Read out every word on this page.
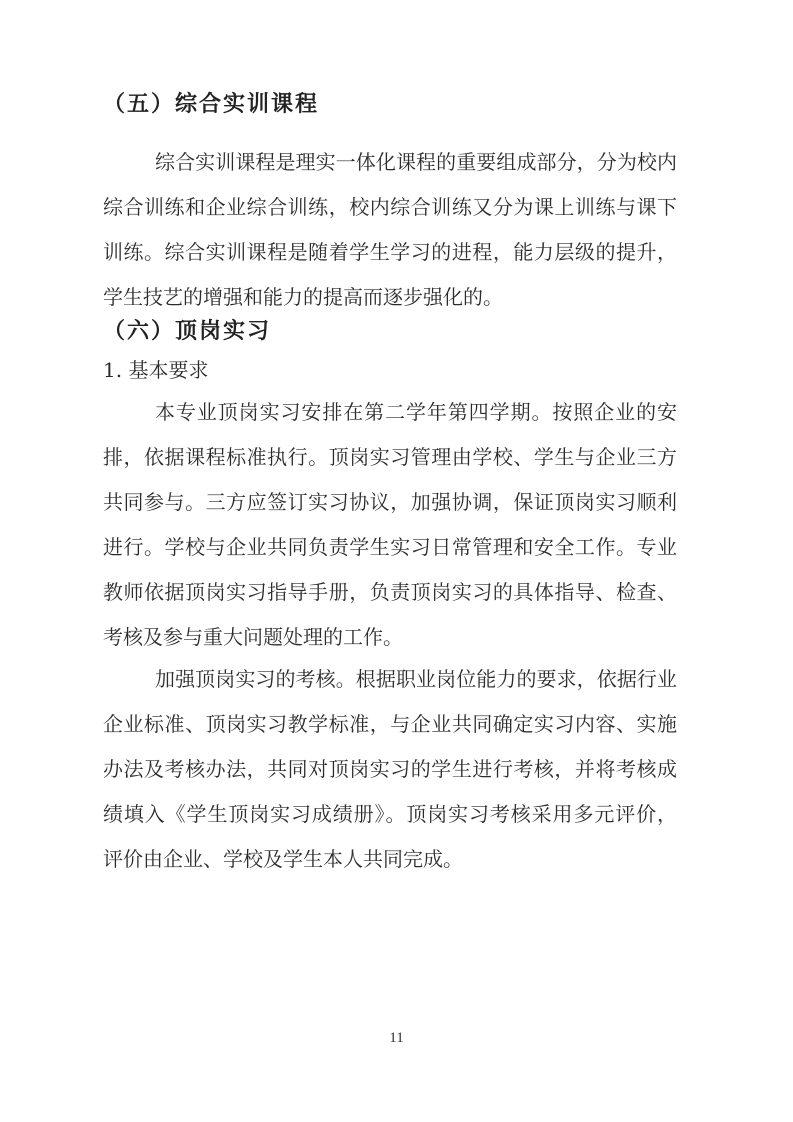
（五）综合实训课程
综合实训课程是理实一体化课程的重要组成部分，分为校内
综合训练和企业综合训练，校内综合训练又分为课上训练与课下
训练。综合实训课程是随着学生学习的进程，能力层级的提升，
学生技艺的增强和能力的提高而逐步强化的。
（六）顶岗实习
1. 基本要求
本专业顶岗实习安排在第二学年第四学期。按照企业的安
排，依据课程标准执行。顶岗实习管理由学校、学生与企业三方
共同参与。三方应签订实习协议，加强协调，保证顶岗实习顺利
进行。学校与企业共同负责学生实习日常管理和安全工作。专业
教师依据顶岗实习指导手册，负责顶岗实习的具体指导、检查、
考核及参与重大问题处理的工作。
加强顶岗实习的考核。根据职业岗位能力的要求，依据行业
企业标准、顶岗实习教学标准，与企业共同确定实习内容、实施
办法及考核办法，共同对顶岗实习的学生进行考核，并将考核成
绩填入《学生顶岗实习成绩册》。顶岗实习考核采用多元评价，
评价由企业、学校及学生本人共同完成。
11
